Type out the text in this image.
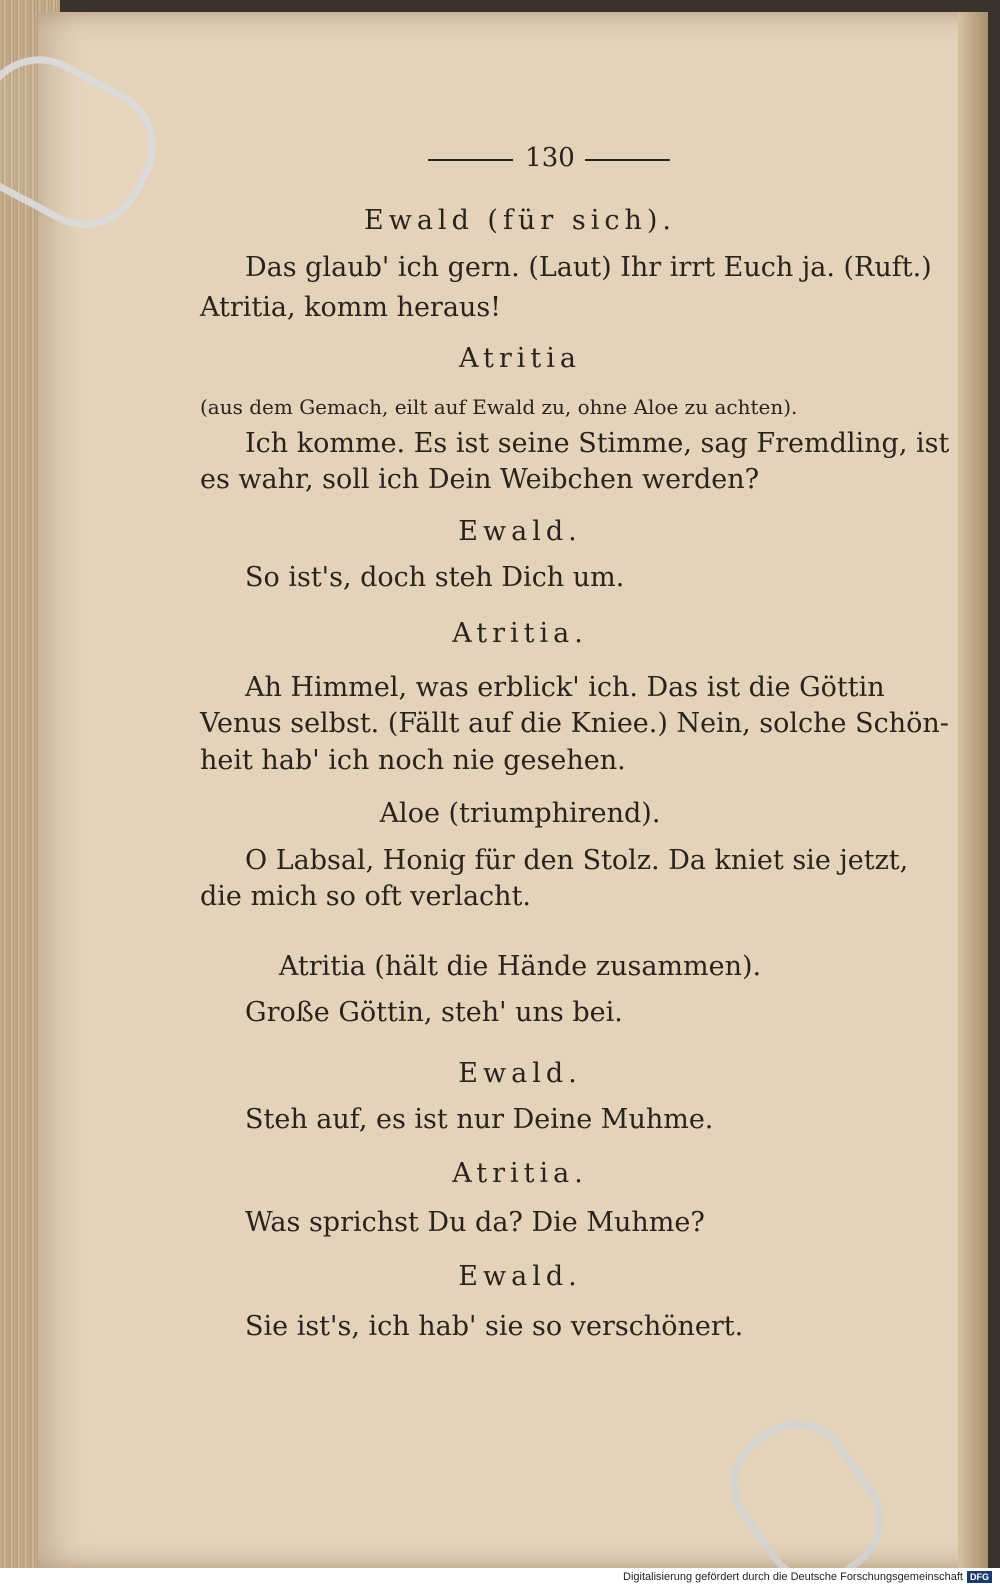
130

Ewald (für sich).

Das glaub' ich gern. (Laut) Ihr irrt Euch ja. (Ruft.)

Atritia, komm heraus!

Atritia

(aus dem Gemach, eilt auf Ewald zu, ohne Aloe zu achten).

Ich komme. Es ist seine Stimme, sag Fremdling, ist

es wahr, soll ich Dein Weibchen werden?

Ewald.

So ist's, doch steh Dich um.

Atritia.

Ah Himmel, was erblick' ich. Das ist die Göttin

Venus selbst. (Fällt auf die Kniee.) Nein, solche Schön-

heit hab' ich noch nie gesehen.

Aloe (triumphirend).

O Labsal, Honig für den Stolz. Da kniet sie jetzt,

die mich so oft verlacht.

Atritia (hält die Hände zusammen).

Große Göttin, steh' uns bei.

Ewald.

Steh auf, es ist nur Deine Muhme.

Atritia.

Was sprichst Du da? Die Muhme?

Ewald.

Sie ist's, ich hab' sie so verschönert.

Digitalisierung gefördert durch die Deutsche Forschungsgemeinschaft DFG
